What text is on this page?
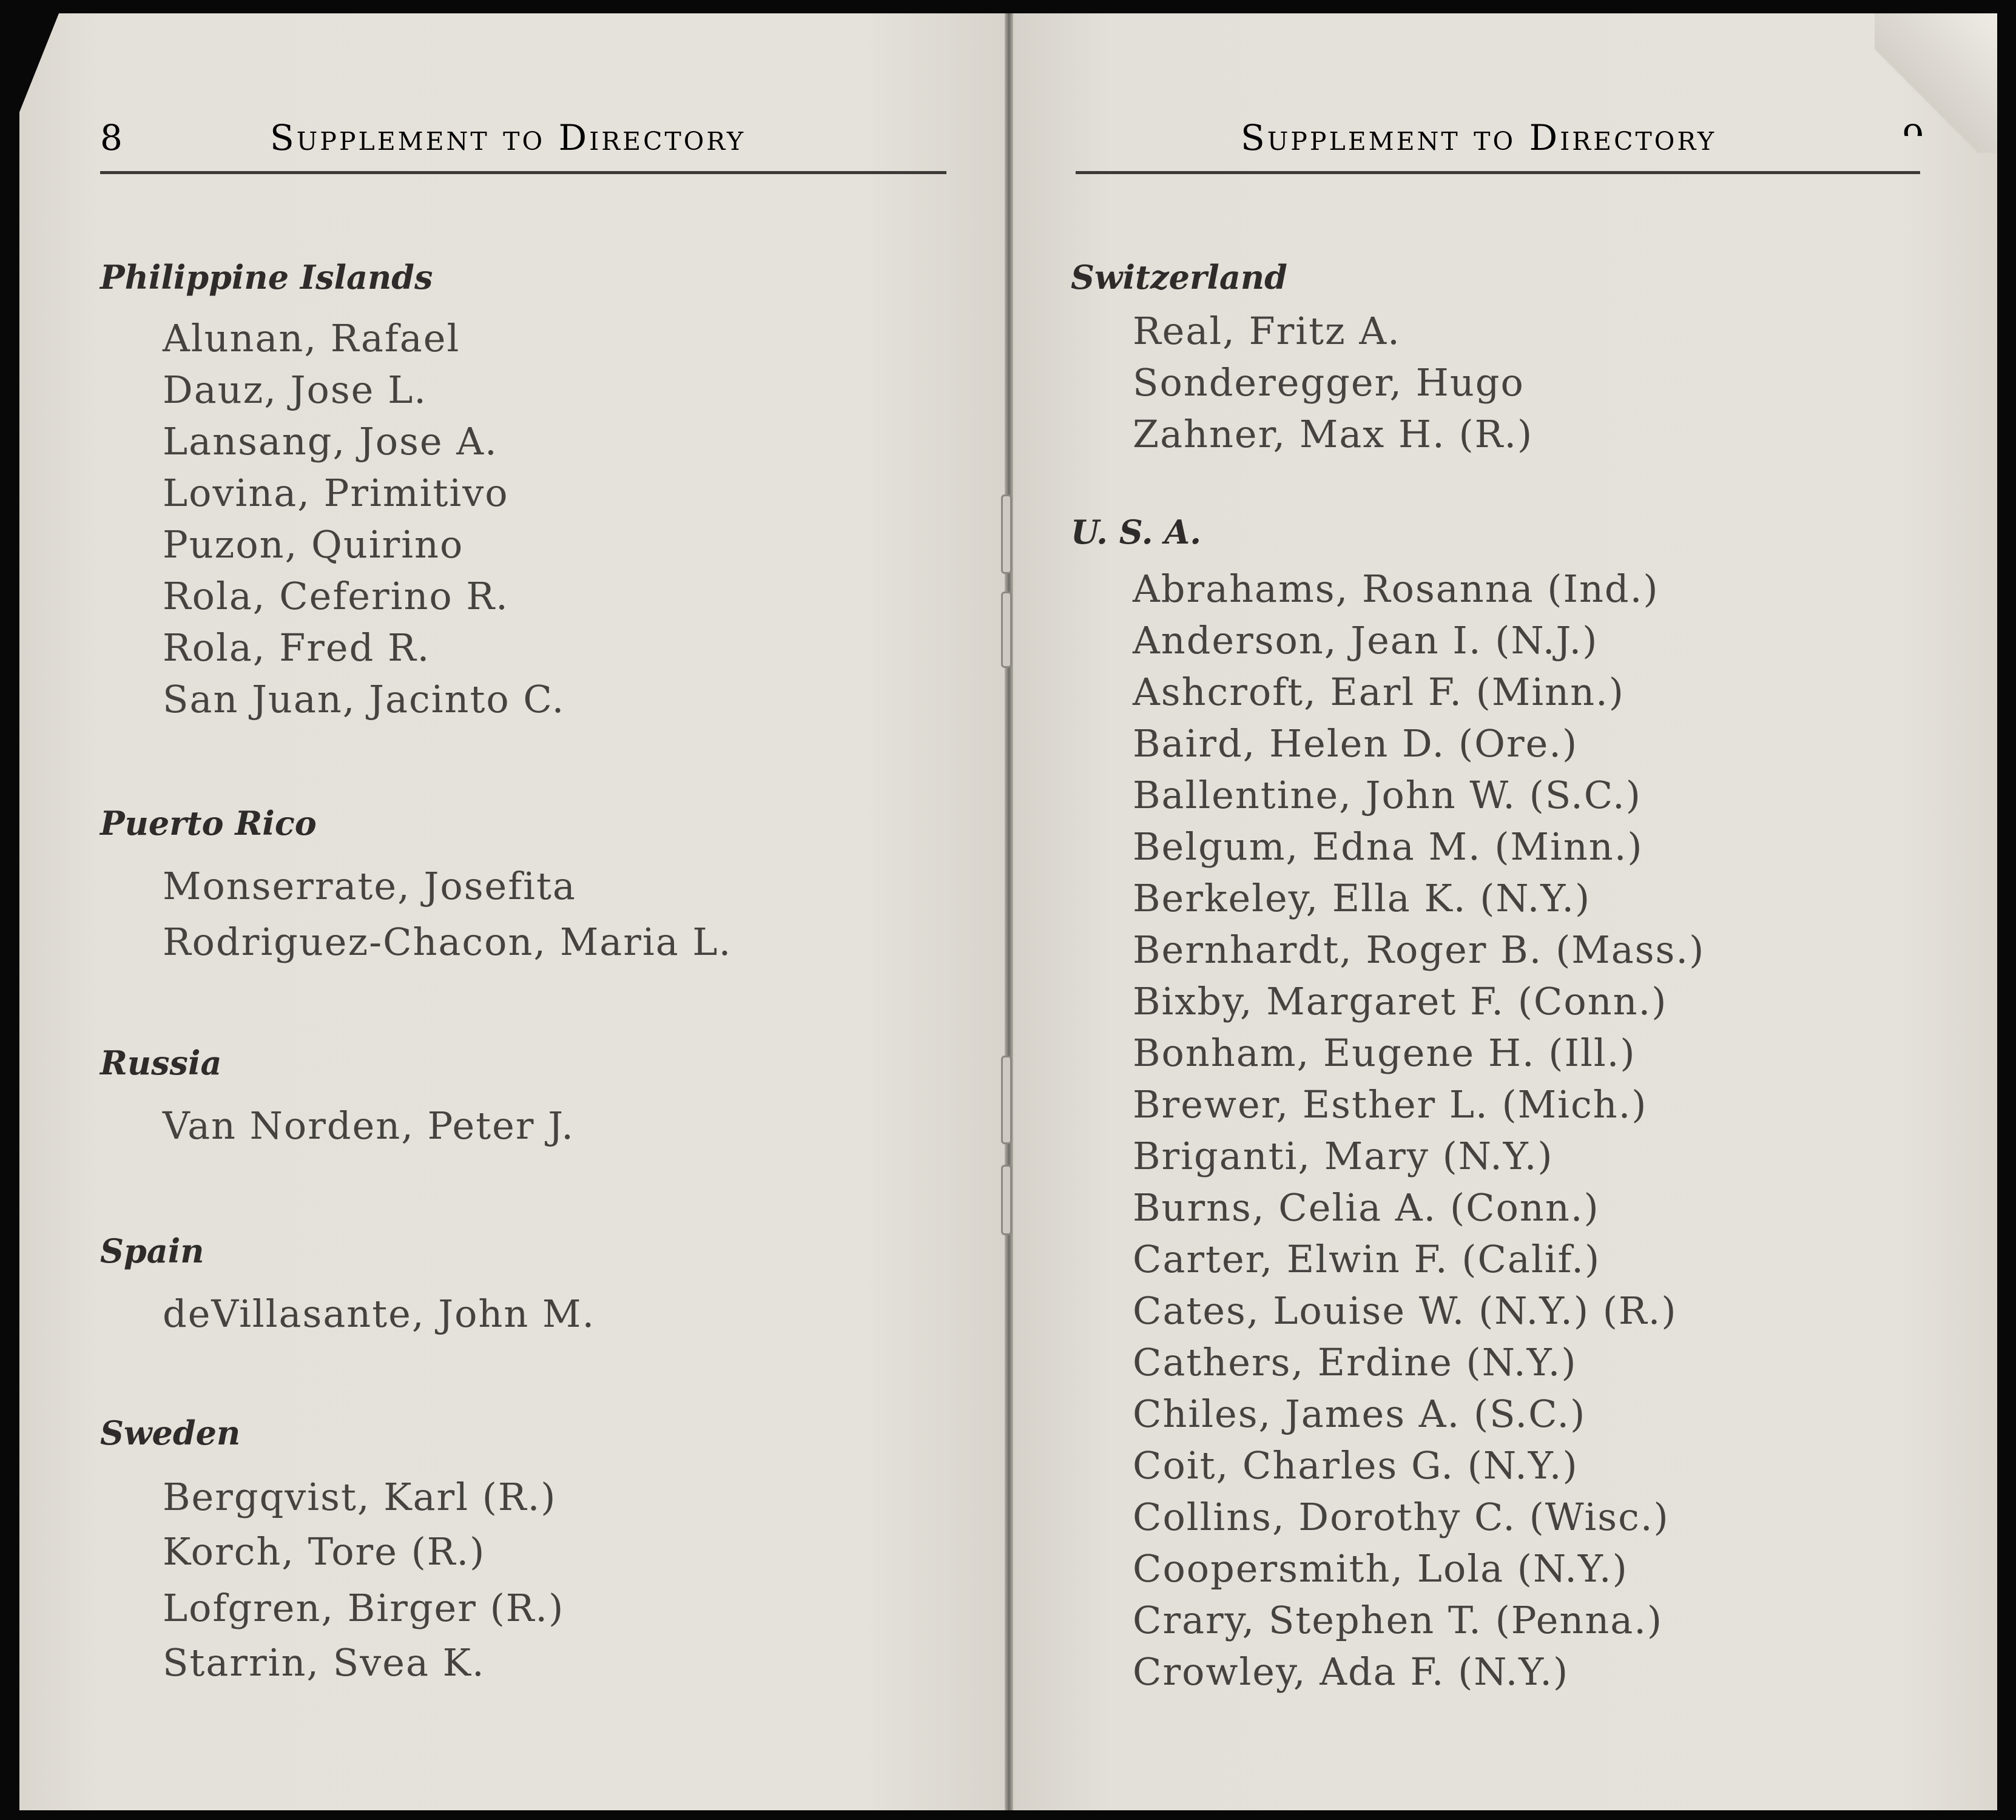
8	Supplement to Directory	Supplement to Directory
Philippine Islands
Alunan, Rafael
Dauz, Jose L.
Lansang, Jose A.
Lovina, Primitivo
Puzon, Quirino
Rola, Ceferino R.
Rola, Fred R.
San Juan, Jacinto C.
Puerto Rico
Monserrate, Josefita
Rodriguez-Chacon, Maria L.
Russia
Van Norden, Peter J.
Spain
deVillasante, John M.
Sweden
Bergqvist, Karl (R.)
Korch, Tore (R.)
Lofgren, Birger (R.)
Starrin, Svea K.
Switzerland
Real, Fritz A.
Sonderegger, Hugo
Zahner, Max H. (R.)
U. S. A.
Abrahams, Rosanna (Ind.)
Anderson, Jean I. (N.J.)
Ashcroft, Earl F. (Minn.)
Baird, Helen D. (Ore.)
Ballentine, John W. (S.C.)
Belgum, Edna M. (Minn.)
Berkeley, Ella K. (N.Y.)
Bernhardt, Roger B. (Mass.)
Bixby, Margaret F. (Conn.)
Bonham, Eugene H. (Ill.)
Brewer, Esther L. (Mich.)
Briganti, Mary (N.Y.)
Burns, Celia A. (Conn.)
Carter, Elwin F. (Calif.)
Cates, Louise W. (N.Y.) (R.)
Cathers, Erdine (N.Y.)
Chiles, James A. (S.C.)
Coit, Charles G. (N.Y.)
Collins, Dorothy C. (Wisc.)
Coopersmith, Lola (N.Y.)
Crary, Stephen T. (Penna.)
Crowley, Ada F. (N.Y.)
